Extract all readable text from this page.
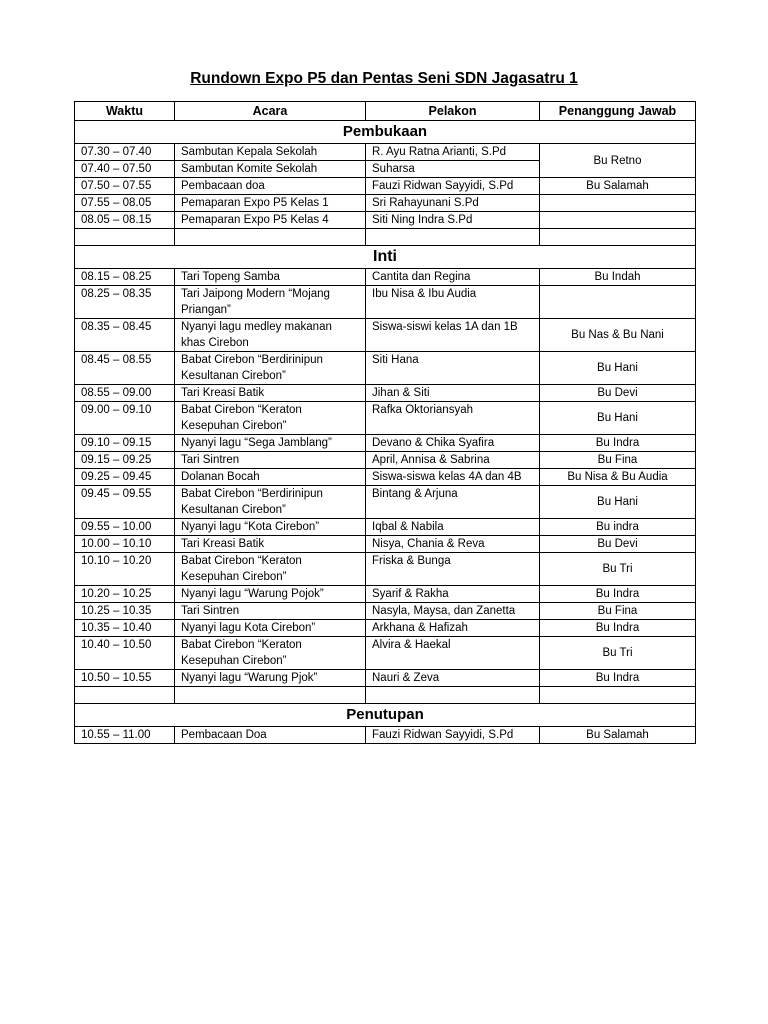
Rundown Expo P5 dan Pentas Seni SDN Jagasatru 1
Waktu	Acara	Pelakon	Penanggung Jawab
Pembukaan			
07.30 – 07.40	Sambutan Kepala Sekolah	R. Ayu Ratna Arianti, S.Pd	Bu Retno
07.40 – 07.50	Sambutan Komite Sekolah	Suharsa	
07.50 – 07.55	Pembacaan doa	Fauzi Ridwan Sayyidi, S.Pd	Bu Salamah
07.55 – 08.05	Pemaparan Expo P5 Kelas 1	Sri Rahayunani S.Pd	
08.05 – 08.15	Pemaparan Expo P5 Kelas 4	Siti Ning Indra S.Pd	

Inti			
08.15 – 08.25	Tari Topeng Samba	Cantita dan Regina	Bu Indah
08.25 – 08.35	Tari Jaipong Modern “Mojang Priangan”	Ibu Nisa & Ibu Audia	
08.35 – 08.45	Nyanyi lagu medley makanan khas Cirebon	Siswa-siswi kelas 1A dan 1B	Bu Nas & Bu Nani
08.45 – 08.55	Babat Cirebon “Berdirinipun Kesultanan Cirebon”	Siti Hana	Bu Hani
08.55 – 09.00	Tari Kreasi Batik	Jihan & Siti	Bu Devi
09.00 – 09.10	Babat Cirebon “Keraton Kesepuhan Cirebon”	Rafka Oktoriansyah	Bu Hani
09.10 – 09.15	Nyanyi lagu “Sega Jamblang”	Devano & Chika Syafira	Bu Indra
09.15 – 09.25	Tari Sintren	April, Annisa & Sabrina	Bu Fina
09.25 – 09.45	Dolanan Bocah	Siswa-siswa kelas 4A dan 4B	Bu Nisa & Bu Audia
09.45 – 09.55	Babat Cirebon “Berdirinipun Kesultanan Cirebon”	Bintang & Arjuna	Bu Hani
09.55 – 10.00	Nyanyi lagu “Kota Cirebon”	Iqbal & Nabila	Bu indra
10.00 – 10.10	Tari Kreasi Batik	Nisya, Chania & Reva	Bu Devi
10.10 – 10.20	Babat Cirebon “Keraton Kesepuhan Cirebon”	Friska & Bunga	Bu Tri
10.20 – 10.25	Nyanyi lagu “Warung Pojok”	Syarif & Rakha	Bu Indra
10.25 – 10.35	Tari Sintren	Nasyla, Maysa, dan Zanetta	Bu Fina
10.35 – 10.40	Nyanyi lagu Kota Cirebon”	Arkhana & Hafizah	Bu Indra
10.40 – 10.50	Babat Cirebon “Keraton Kesepuhan Cirebon”	Alvira & Haekal	Bu Tri
10.50 – 10.55	Nyanyi lagu “Warung Pjok”	Nauri & Zeva	Bu Indra

Penutupan			
10.55 – 11.00	Pembacaan Doa	Fauzi Ridwan Sayyidi, S.Pd	Bu Salamah
